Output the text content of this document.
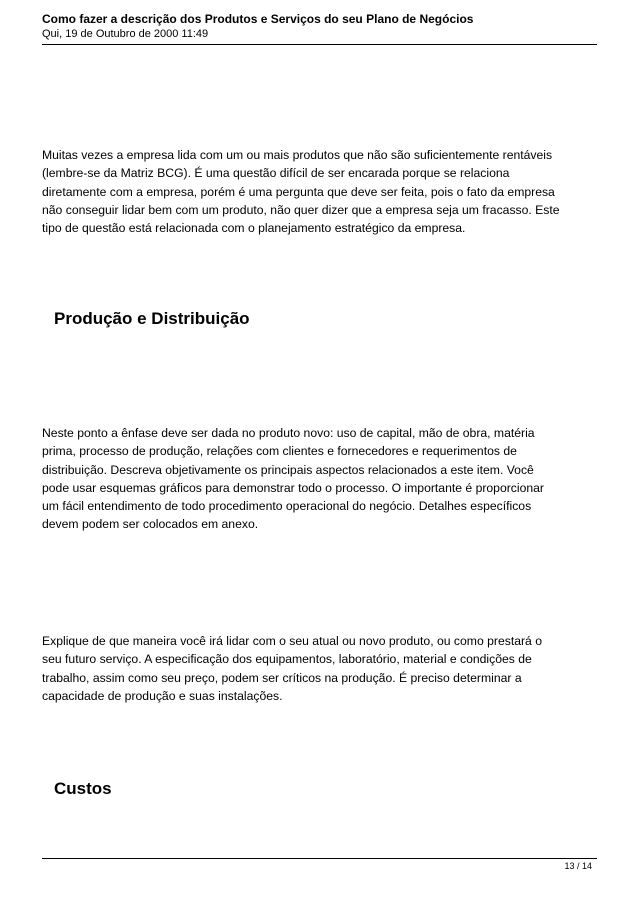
Como fazer a descrição dos Produtos e Serviços do seu Plano de Negócios
Qui, 19 de Outubro de 2000 11:49

Muitas vezes a empresa lida com um ou mais produtos que não são suficientemente rentáveis
(lembre-se da Matriz BCG). É uma questão difícil de ser encarada porque se relaciona
diretamente com a empresa, porém é uma pergunta que deve ser feita, pois o fato da empresa
não conseguir lidar bem com um produto, não quer dizer que a empresa seja um fracasso. Este
tipo de questão está relacionada com o planejamento estratégico da empresa.

Produção e Distribuição

Neste ponto a ênfase deve ser dada no produto novo: uso de capital, mão de obra, matéria
prima, processo de produção, relações com clientes e fornecedores e requerimentos de
distribuição. Descreva objetivamente os principais aspectos relacionados a este item. Você
pode usar esquemas gráficos para demonstrar todo o processo. O importante é proporcionar
um fácil entendimento de todo procedimento operacional do negócio. Detalhes específicos
devem podem ser colocados em anexo.

Explique de que maneira você irá lidar com o seu atual ou novo produto, ou como prestará o
seu futuro serviço. A especificação dos equipamentos, laboratório, material e condições de
trabalho, assim como seu preço, podem ser críticos na produção. É preciso determinar a
capacidade de produção e suas instalações.

Custos
13 / 14
